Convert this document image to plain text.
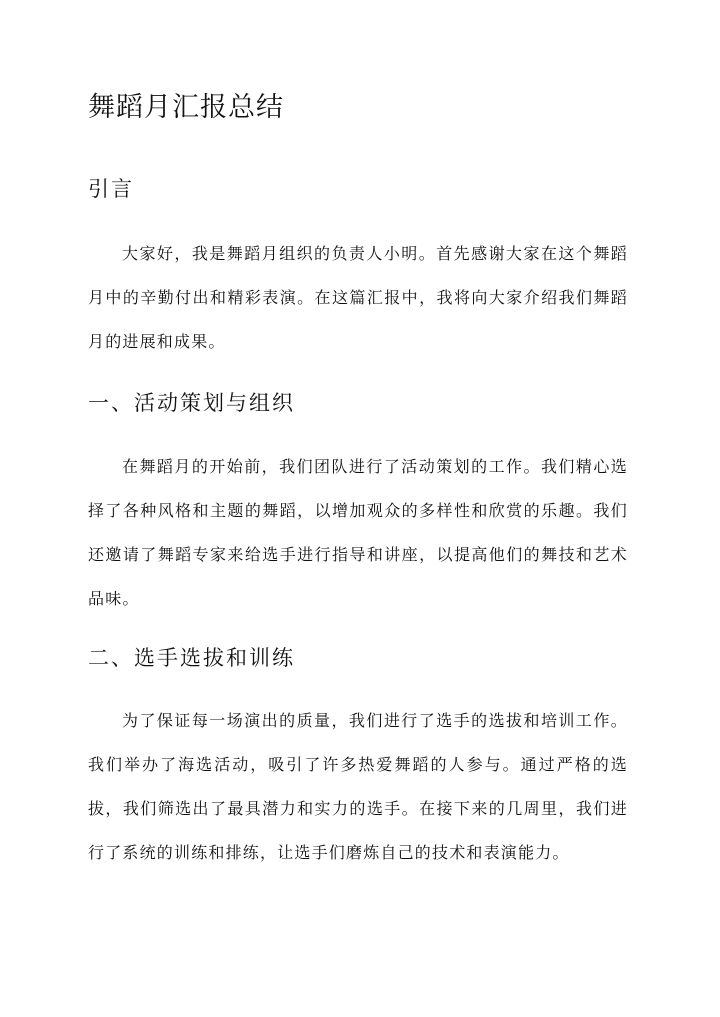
舞蹈月汇报总结
引言

大家好，我是舞蹈月组织的负责人小明。首先感谢大家在这个舞蹈月中的辛勤付出和精彩表演。在这篇汇报中，我将向大家介绍我们舞蹈月的进展和成果。

一、活动策划与组织

在舞蹈月的开始前，我们团队进行了活动策划的工作。我们精心选择了各种风格和主题的舞蹈，以增加观众的多样性和欣赏的乐趣。我们还邀请了舞蹈专家来给选手进行指导和讲座，以提高他们的舞技和艺术品味。

二、选手选拔和训练

为了保证每一场演出的质量，我们进行了选手的选拔和培训工作。我们举办了海选活动，吸引了许多热爱舞蹈的人参与。通过严格的选拔，我们筛选出了最具潜力和实力的选手。在接下来的几周里，我们进行了系统的训练和排练，让选手们磨炼自己的技术和表演能力。
